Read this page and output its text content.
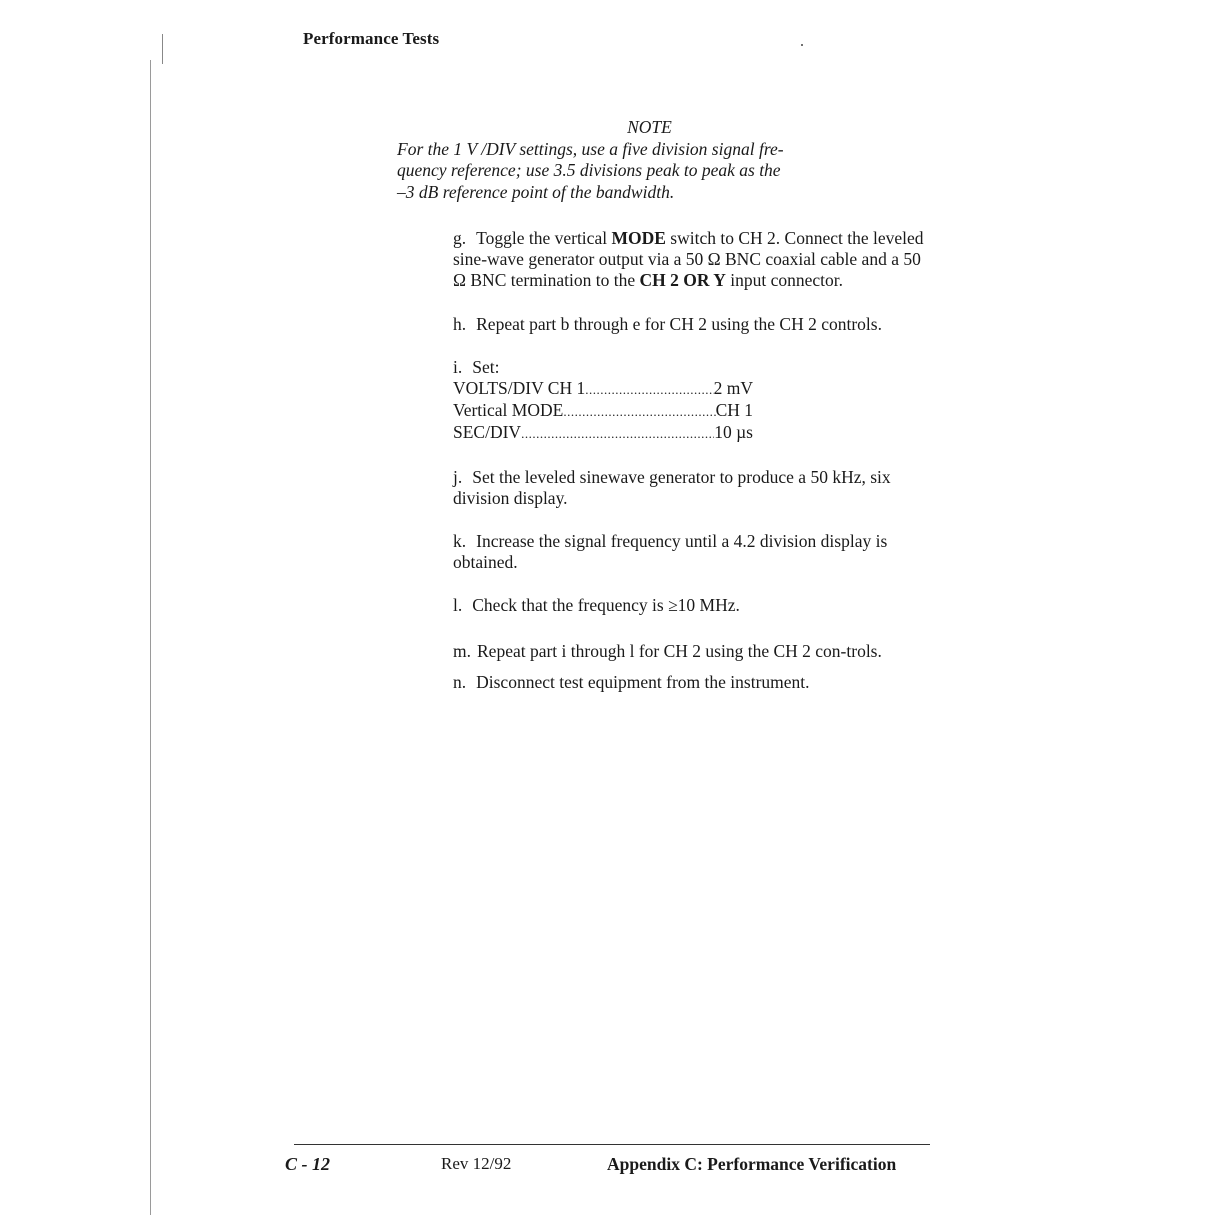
Performance Tests
NOTE
For the 1 V /DIV settings, use a five division signal fre-
quency reference; use 3.5 divisions peak to peak as the
–3 dB reference point of the bandwidth.

g. Toggle the vertical MODE switch to CH 2. Connect the leveled sine-wave generator output via a 50 Ω BNC coaxial cable and a 50 Ω BNC termination to the CH 2 OR Y input connector.

h. Repeat part b through e for CH 2 using the CH 2 controls.

i. Set:
VOLTS/DIV CH 1 .....	2 mV
Vertical MODE .....	CH 1
SEC/DIV .....	10 µs

j. Set the leveled sinewave generator to produce a 50 kHz, six division display.

k. Increase the signal frequency until a 4.2 division display is obtained.

l. Check that the frequency is ≥10 MHz.

m. Repeat part i through l for CH 2 using the CH 2 con-trols.

n. Disconnect test equipment from the instrument.

C - 12	Rev 12/92	Appendix C: Performance Verification
